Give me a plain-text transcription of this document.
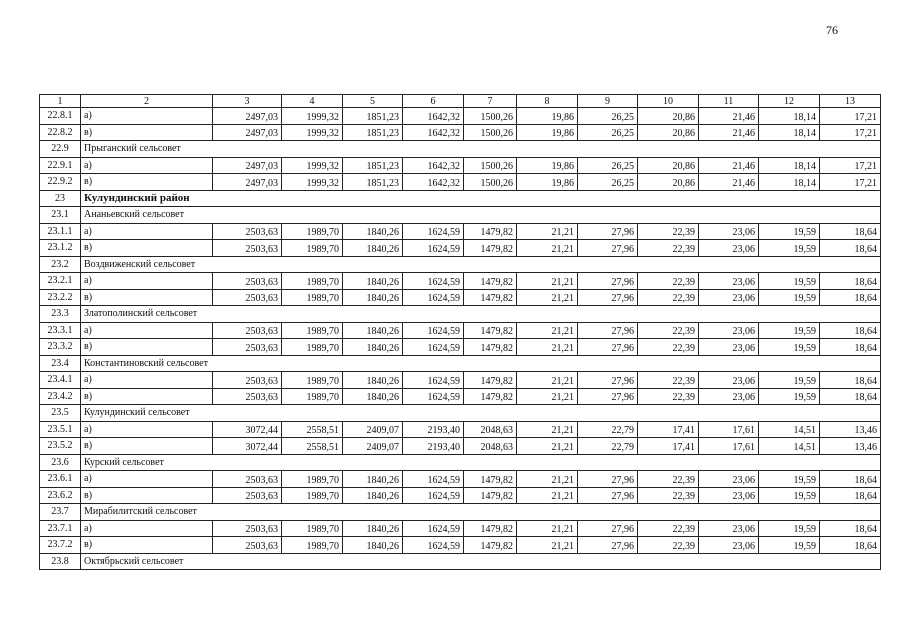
76
1	2	3	4	5	6	7	8	9	10	11	12	13
22.8.1	а)	2497,03	1999,32	1851,23	1642,32	1500,26	19,86	26,25	20,86	21,46	18,14	17,21
22.8.2	в)	2497,03	1999,32	1851,23	1642,32	1500,26	19,86	26,25	20,86	21,46	18,14	17,21
22.9	Прыганский сельсовет											
22.9.1	а)	2497,03	1999,32	1851,23	1642,32	1500,26	19,86	26,25	20,86	21,46	18,14	17,21
22.9.2	в)	2497,03	1999,32	1851,23	1642,32	1500,26	19,86	26,25	20,86	21,46	18,14	17,21
23	Кулундинский район											
23.1	Ананьевский сельсовет											
23.1.1	а)	2503,63	1989,70	1840,26	1624,59	1479,82	21,21	27,96	22,39	23,06	19,59	18,64
23.1.2	в)	2503,63	1989,70	1840,26	1624,59	1479,82	21,21	27,96	22,39	23,06	19,59	18,64
23.2	Воздвиженский сельсовет											
23.2.1	а)	2503,63	1989,70	1840,26	1624,59	1479,82	21,21	27,96	22,39	23,06	19,59	18,64
23.2.2	в)	2503,63	1989,70	1840,26	1624,59	1479,82	21,21	27,96	22,39	23,06	19,59	18,64
23.3	Златополинский сельсовет											
23.3.1	а)	2503,63	1989,70	1840,26	1624,59	1479,82	21,21	27,96	22,39	23,06	19,59	18,64
23.3.2	в)	2503,63	1989,70	1840,26	1624,59	1479,82	21,21	27,96	22,39	23,06	19,59	18,64
23.4	Константиновский сельсовет											
23.4.1	а)	2503,63	1989,70	1840,26	1624,59	1479,82	21,21	27,96	22,39	23,06	19,59	18,64
23.4.2	в)	2503,63	1989,70	1840,26	1624,59	1479,82	21,21	27,96	22,39	23,06	19,59	18,64
23.5	Кулундинский сельсовет											
23.5.1	а)	3072,44	2558,51	2409,07	2193,40	2048,63	21,21	22,79	17,41	17,61	14,51	13,46
23.5.2	в)	3072,44	2558,51	2409,07	2193,40	2048,63	21,21	22,79	17,41	17,61	14,51	13,46
23.6	Курский сельсовет											
23.6.1	а)	2503,63	1989,70	1840,26	1624,59	1479,82	21,21	27,96	22,39	23,06	19,59	18,64
23.6.2	в)	2503,63	1989,70	1840,26	1624,59	1479,82	21,21	27,96	22,39	23,06	19,59	18,64
23.7	Мирабилитский сельсовет											
23.7.1	а)	2503,63	1989,70	1840,26	1624,59	1479,82	21,21	27,96	22,39	23,06	19,59	18,64
23.7.2	в)	2503,63	1989,70	1840,26	1624,59	1479,82	21,21	27,96	22,39	23,06	19,59	18,64
23.8	Октябрьский сельсовет											
